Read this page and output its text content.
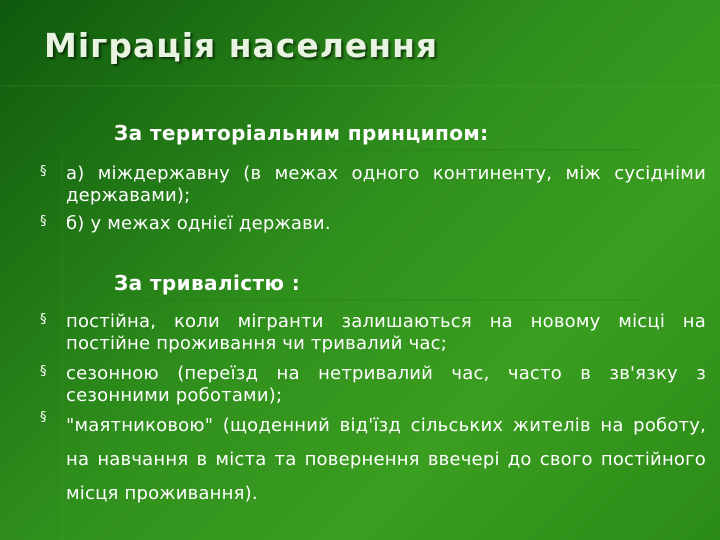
Міграція населення
За територіальним принципом:
§ а) міждержавну (в межах одного континенту, між сусідніми державами);
§ б) у межах однієї держави.
За тривалістю :
§ постійна, коли мігранти залишаються на новому місці на постійне проживання чи тривалий час;
§ сезонною (переїзд на нетривалий час, часто в зв'язку з сезонними роботами);
§ "маятниковою" (щоденний від'їзд сільських жителів на роботу, на навчання в міста та повернення ввечері до свого постійного місця проживання).
